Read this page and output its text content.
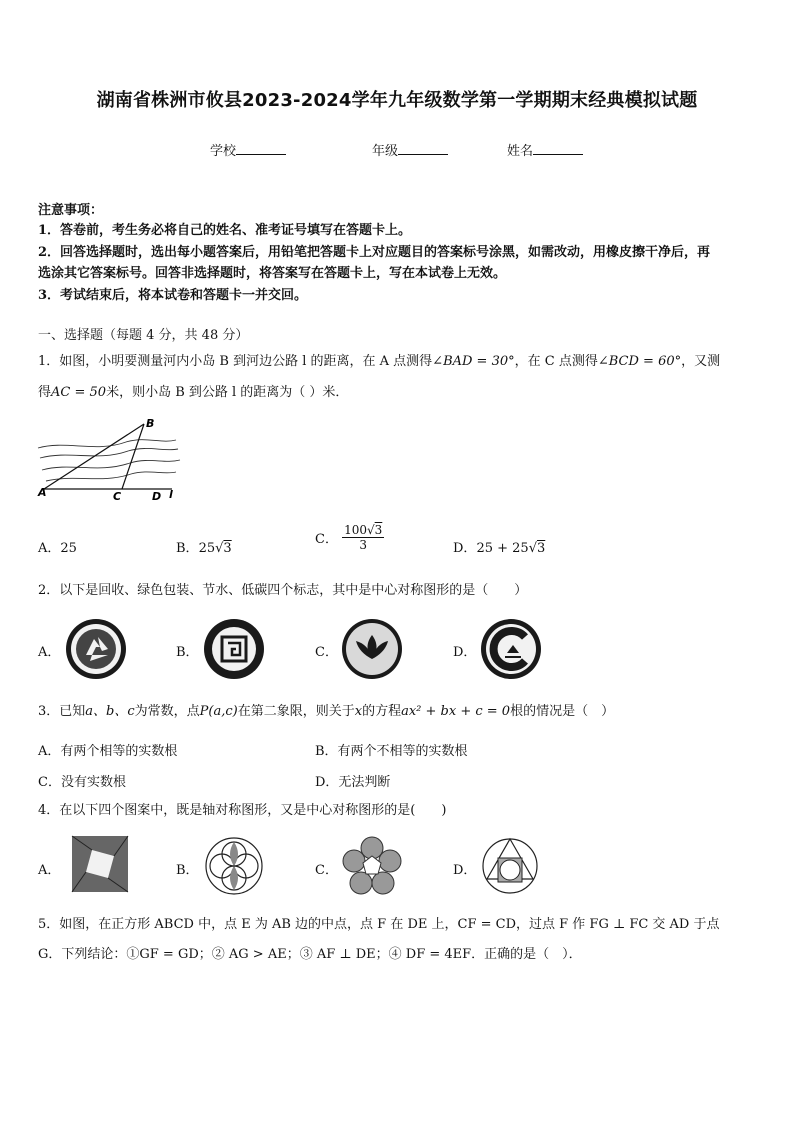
湖南省株洲市攸县2023-2024学年九年级数学第一学期期末经典模拟试题
学校	年级	姓名
注意事项：
1．答卷前，考生务必将自己的姓名、准考证号填写在答题卡上。
2．回答选择题时，选出每小题答案后，用铅笔把答题卡上对应题目的答案标号涂黑，如需改动，用橡皮擦干净后，再
选涂其它答案标号。回答非选择题时，将答案写在答题卡上，写在本试卷上无效。
3．考试结束后，将本试卷和答题卡一并交回。
一、选择题（每题 4 分，共 48 分）
1．如图，小明要测量河内小岛 B 到河边公路 l 的距离，在 A 点测得∠BAD = 30°，在 C 点测得∠BCD = 60°，又测
得AC = 50米，则小岛 B 到公路 l 的距离为（ ）米．
B
A	C	D l
A．25	B．25√3
C． $\frac{100√3}{3}$	D．25 + 25√3
2．以下是回收、绿色包装、节水、低碳四个标志，其中是中心对称图形的是（　　）
A．	B．	C．	D．
3．已知a、b、c为常数，点P(a,c)在第二象限，则关于x的方程ax² + bx + c = 0根的情况是（　）
A．有两个相等的实数根	B．有两个不相等的实数根
C．没有实数根	D．无法判断
4．在以下四个图案中，既是轴对称图形，又是中心对称图形的是(　　)
A．	B．	C．	D．
5．如图，在正方形 ABCD 中，点 E 为 AB 边的中点，点 F 在 DE 上，CF = CD，过点 F 作 FG ⊥ FC 交 AD 于点
G．下列结论：①GF = GD；② AG > AE；③ AF ⊥ DE；④ DF = 4EF．正确的是（　）．
